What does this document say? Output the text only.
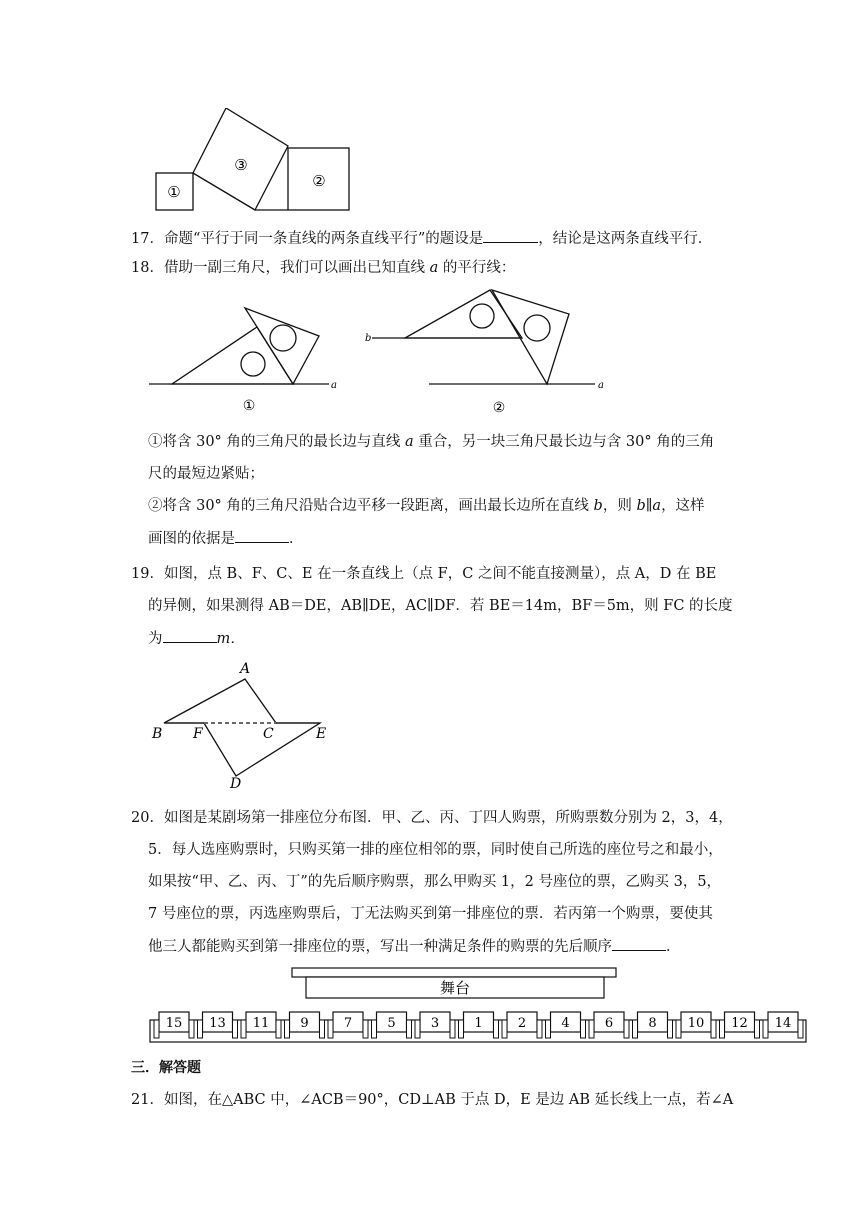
①
②
③
17．命题“平行于同一条直线的两条直线平行”的题设是	，结论是这两条直线平行．
18．借助一副三角尺，我们可以画出已知直线 a 的平行线：
a
①
b
a
②
①将含 30° 角的三角尺的最长边与直线 a 重合，另一块三角尺最长边与含 30° 角的三角
尺的最短边紧贴；
②将含 30° 角的三角尺沿贴合边平移一段距离，画出最长边所在直线 b，则 b∥a，这样
画图的依据是	．
19．如图，点 B、F、C、E 在一条直线上（点 F，C 之间不能直接测量），点 A，D 在 BE
的异侧，如果测得 AB＝DE，AB∥DE，AC∥DF．若 BE＝14m，BF＝5m，则 FC 的长度
为	m．
A
B F	C	E
D
20．如图是某剧场第一排座位分布图．甲、乙、丙、丁四人购票，所购票数分别为 2，3，4，
5．每人选座购票时，只购买第一排的座位相邻的票，同时使自己所选的座位号之和最小，
如果按“甲、乙、丙、丁”的先后顺序购票，那么甲购买 1，2 号座位的票，乙购买 3，5，
7 号座位的票，丙选座购票后，丁无法购买到第一排座位的票．若丙第一个购票，要使其
他三人都能购买到第一排座位的票，写出一种满足条件的购票的先后顺序	．
舞台
15 13 11 9	7	5	3	1	2	4	6	8 10 12 14
三．解答题
21．如图，在△ABC 中，∠ACB＝90°，CD⊥AB 于点 D，E 是边 AB 延长线上一点，若∠A
